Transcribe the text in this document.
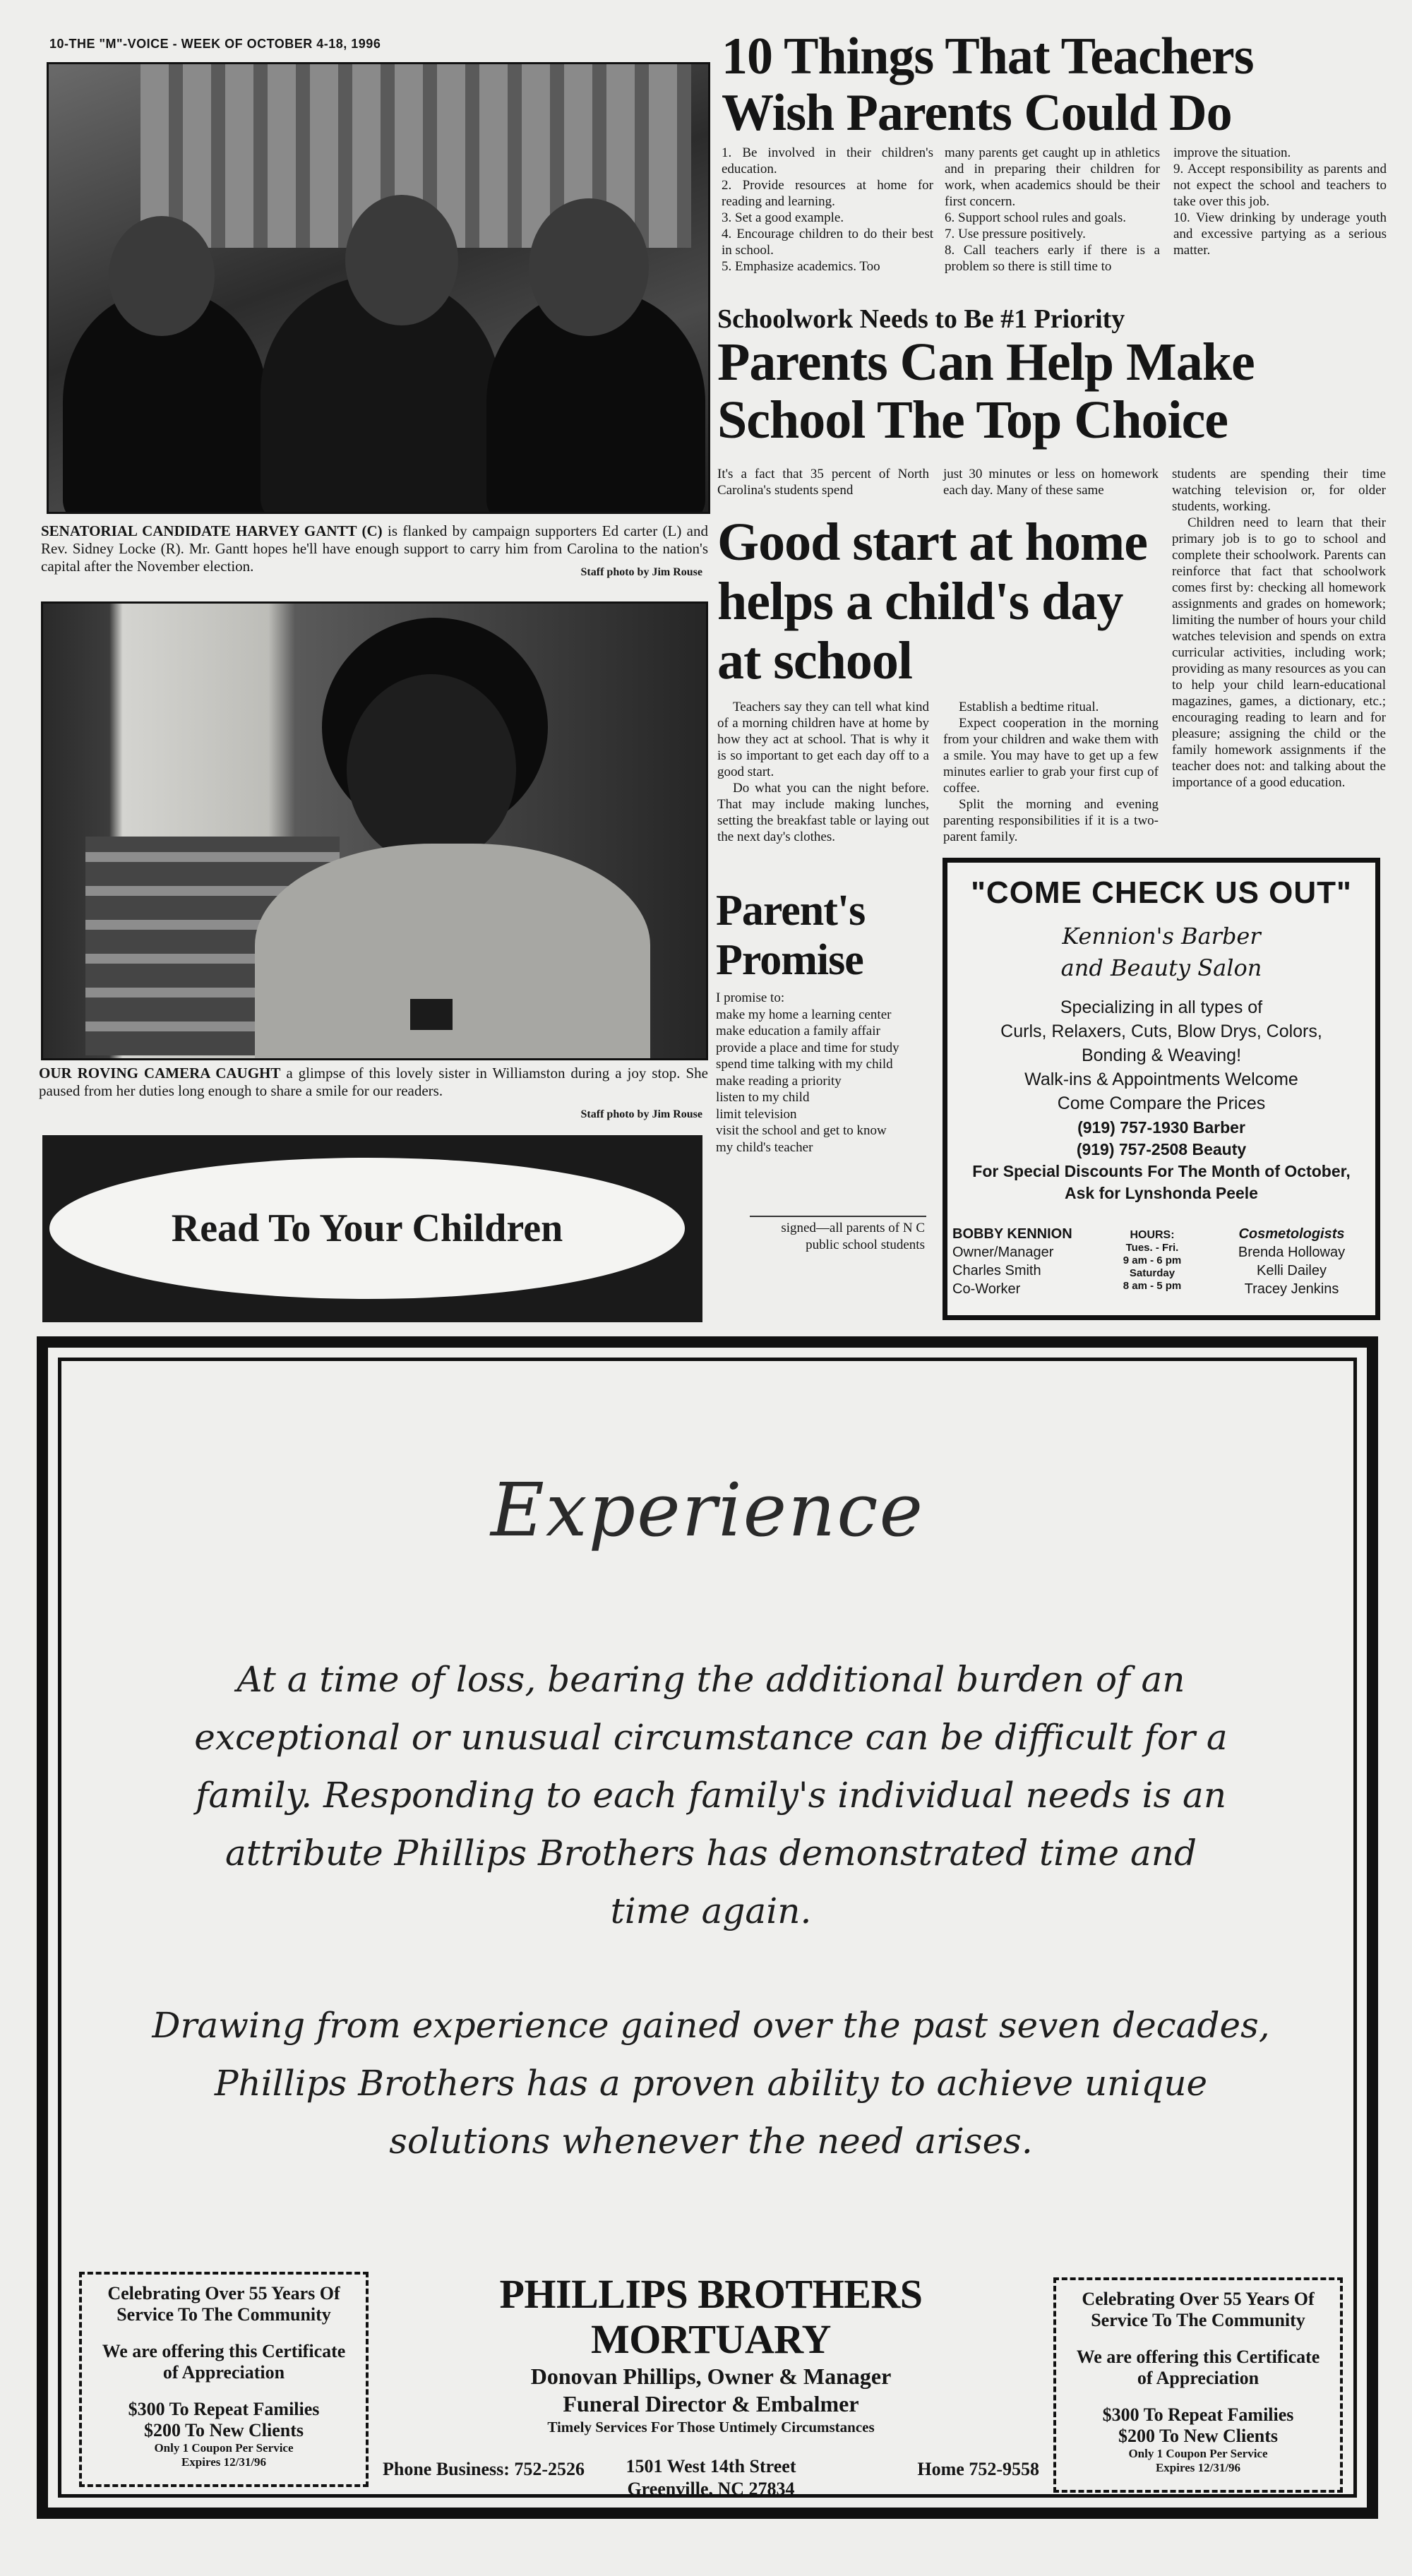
10-THE "M"-VOICE - WEEK OF OCTOBER 4-18, 1996
SENATORIAL CANDIDATE HARVEY GANTT (C) is flanked by campaign supporters Ed carter (L) and Rev. Sidney Locke (R). Mr. Gantt hopes he'll have enough support to carry him from Carolina to the nation's capital after the November election.	Staff photo by Jim Rouse
OUR ROVING CAMERA CAUGHT a glimpse of this lovely sister in Williamston during a joy stop. She paused from her duties long enough to share a smile for our readers.
Staff photo by Jim Rouse
Read To Your Children
10 Things That Teachers
Wish Parents Could Do

1. Be involved in their children's education.

2. Provide resources at home for reading and learning.

3. Set a good example.

4. Encourage children to do their best in school.

5. Emphasize academics. Too

many parents get caught up in athletics and in preparing their children for work, when academics should be their first concern.

6. Support school rules and goals.

7. Use pressure positively.

8. Call teachers early if there is a problem so there is still time to

improve the situation.

9. Accept responsibility as parents and not expect the school and teachers to take over this job.

10. View drinking by underage youth and excessive partying as a serious matter.

Schoolwork Needs to Be #1 Priority
Parents Can Help Make
School The Top Choice
It's a fact that 35 percent of North Carolina's students spend
just 30 minutes or less on homework each day. Many of these same

students are spending their time watching television or, for older students, working.

Children need to learn that their primary job is to go to school and complete their schoolwork. Parents can reinforce that fact that schoolwork comes first by: checking all homework assignments and grades on homework; limiting the number of hours your child watches television and spends on extra curricular activities, including work; providing as many resources as you can to help your child learn-educational magazines, games, a dictionary, etc.; encouraging reading to learn and for pleasure; assigning the child or the family homework assignments if the teacher does not: and talking about the importance of a good education.

Good start at home
helps a child's day
at school

Teachers say they can tell what kind of a morning children have at home by how they act at school. That is why it is so important to get each day off to a good start.

Do what you can the night before. That may include making lunches, setting the breakfast table or laying out the next day's clothes.

Establish a bedtime ritual.

Expect cooperation in the morning from your children and wake them with a smile. You may have to get up a few minutes earlier to grab your first cup of coffee.

Split the morning and evening parenting responsibilities if it is a two-parent family.

Parent's
Promise
I promise to:
make my home a learning center
make education a family affair
provide a place and time for study
spend time talking with my child
make reading a priority
listen to my child
limit television
visit the school and get to know
my child's teacher
signed—all parents of N C
public school students
"COME CHECK US OUT"
Kennion's Barber
and Beauty Salon
Specializing in all types of
Curls, Relaxers, Cuts, Blow Drys, Colors,
Bonding & Weaving!
Walk-ins & Appointments Welcome
Come Compare the Prices
(919) 757-1930 Barber
(919) 757-2508 Beauty
For Special Discounts For The Month of October,
Ask for Lynshonda Peele
BOBBY KENNION
Owner/Manager
Charles Smith
Co-Worker
HOURS:
Tues. - Fri.
9 am - 6 pm
Saturday
8 am - 5 pm
Cosmetologists
Brenda Holloway
Kelli Dailey
Tracey Jenkins
Experience
At a time of loss, bearing the additional burden of an
exceptional or unusual circumstance can be difficult for a
family. Responding to each family's individual needs is an
attribute Phillips Brothers has demonstrated time and
time again.
Drawing from experience gained over the past seven decades,
Phillips Brothers has a proven ability to achieve unique
solutions whenever the need arises.
Celebrating Over 55 Years Of
Service To The Community
We are offering this Certificate
of Appreciation
$300 To Repeat Families
$200 To New Clients
Only 1 Coupon Per Service
Expires 12/31/96
PHILLIPS BROTHERS MORTUARY
Donovan Phillips, Owner & Manager
Funeral Director & Embalmer
Timely Services For Those Untimely Circumstances
1501 West 14th Street
Greenville, NC 27834
Phone Business: 752-2526	Home 752-9558
Celebrating Over 55 Years Of
Service To The Community
We are offering this Certificate
of Appreciation
$300 To Repeat Families
$200 To New Clients
Only 1 Coupon Per Service
Expires 12/31/96
